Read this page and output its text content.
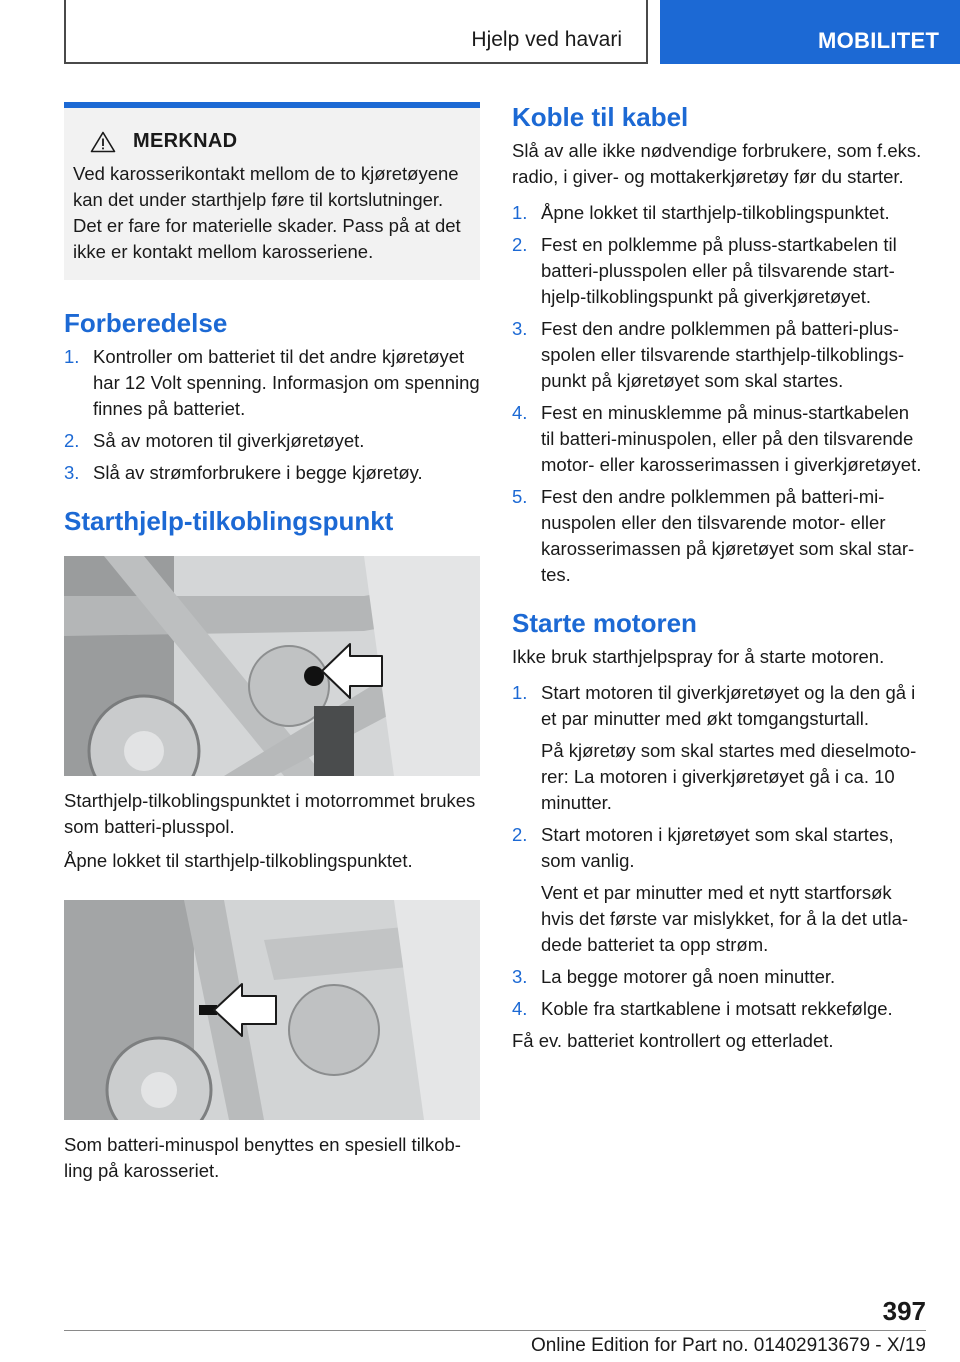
Hjelp ved havari	MOBILITET
MERKNAD
Ved karosserikontakt mellom de to kjøretøyene kan det under starthjelp føre til kortslutninger. Det er fare for materielle skader. Pass på at det ikke er kontakt mellom karosseriene.
Forberedelse
1. Kontroller om batteriet til det andre kjøretøyet har 12 Volt spenning. Informasjon om spenning finnes på batteriet.
2. Så av motoren til giverkjøretøyet.
3. Slå av strømforbrukere i begge kjøretøy.
Starthjelp-tilkoblingspunkt

Starthjelp-tilkoblingspunktet i motorrommet brukes som batteri-plusspol.

Åpne lokket til starthjelp-tilkoblingspunktet.

Som batteri-minuspol benyttes en spesiell tilkobling på karosseriet.

Koble til kabel

Slå av alle ikke nødvendige forbrukere, som f.eks. radio, i giver- og mottakerkjøretøy før du starter.

1. Åpne lokket til starthjelp-tilkoblingspunktet.
2. Fest en polklemme på pluss-startkabelen til batteri-plusspolen eller på tilsvarende starthjelp-tilkoblingspunkt på giverkjøretøyet.
3. Fest den andre polklemmen på batteri-plusspolen eller tilsvarende starthjelp-tilkoblingspunkt på kjøretøyet som skal startes.
4. Fest en minusklemme på minus-startkabelen til batteri-minuspolen, eller på den tilsvarende motor- eller karosserimassen i giverkjøretøyet.
5. Fest den andre polklemmen på batteri-minuspolen eller den tilsvarende motor- eller karosserimassen på kjøretøyet som skal startes.
Starte motoren

Ikke bruk starthjelpspray for å starte motoren.

1. Start motoren til giverkjøretøyet og la den gå i et par minutter med økt tomgangsturtall.
På kjøretøy som skal startes med dieselmotorer: La motoren i giverkjøretøyet gå i ca. 10 minutter.
2. Start motoren i kjøretøyet som skal startes, som vanlig.
Vent et par minutter med et nytt startforsøk hvis det første var mislykket, for å la det utladede batteriet ta opp strøm.
3. La begge motorer gå noen minutter.
4. Koble fra startkablene i motsatt rekkefølge.

Få ev. batteriet kontrollert og etterladet.

397
Online Edition for Part no. 01402913679 - X/19
